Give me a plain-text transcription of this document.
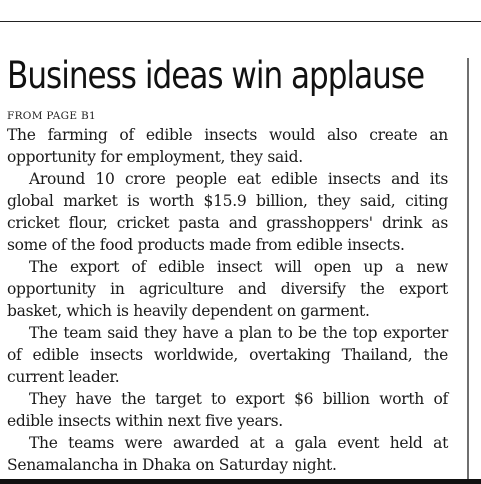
Business ideas win applause
FROM PAGE B1

The farming of edible insects would also create an opportunity for employment, they said.

Around 10 crore people eat edible insects and its global market is worth $15.9 billion, they said, citing cricket flour, cricket pasta and grasshoppers' drink as some of the food products made from edible insects.

The export of edible insect will open up a new opportunity in agriculture and diversify the export basket, which is heavily dependent on garment.

The team said they have a plan to be the top exporter of edible insects worldwide, overtaking Thailand, the current leader.

They have the target to export $6 billion worth of edible insects within next five years.

The teams were awarded at a gala event held at Senamalancha in Dhaka on Saturday night.
